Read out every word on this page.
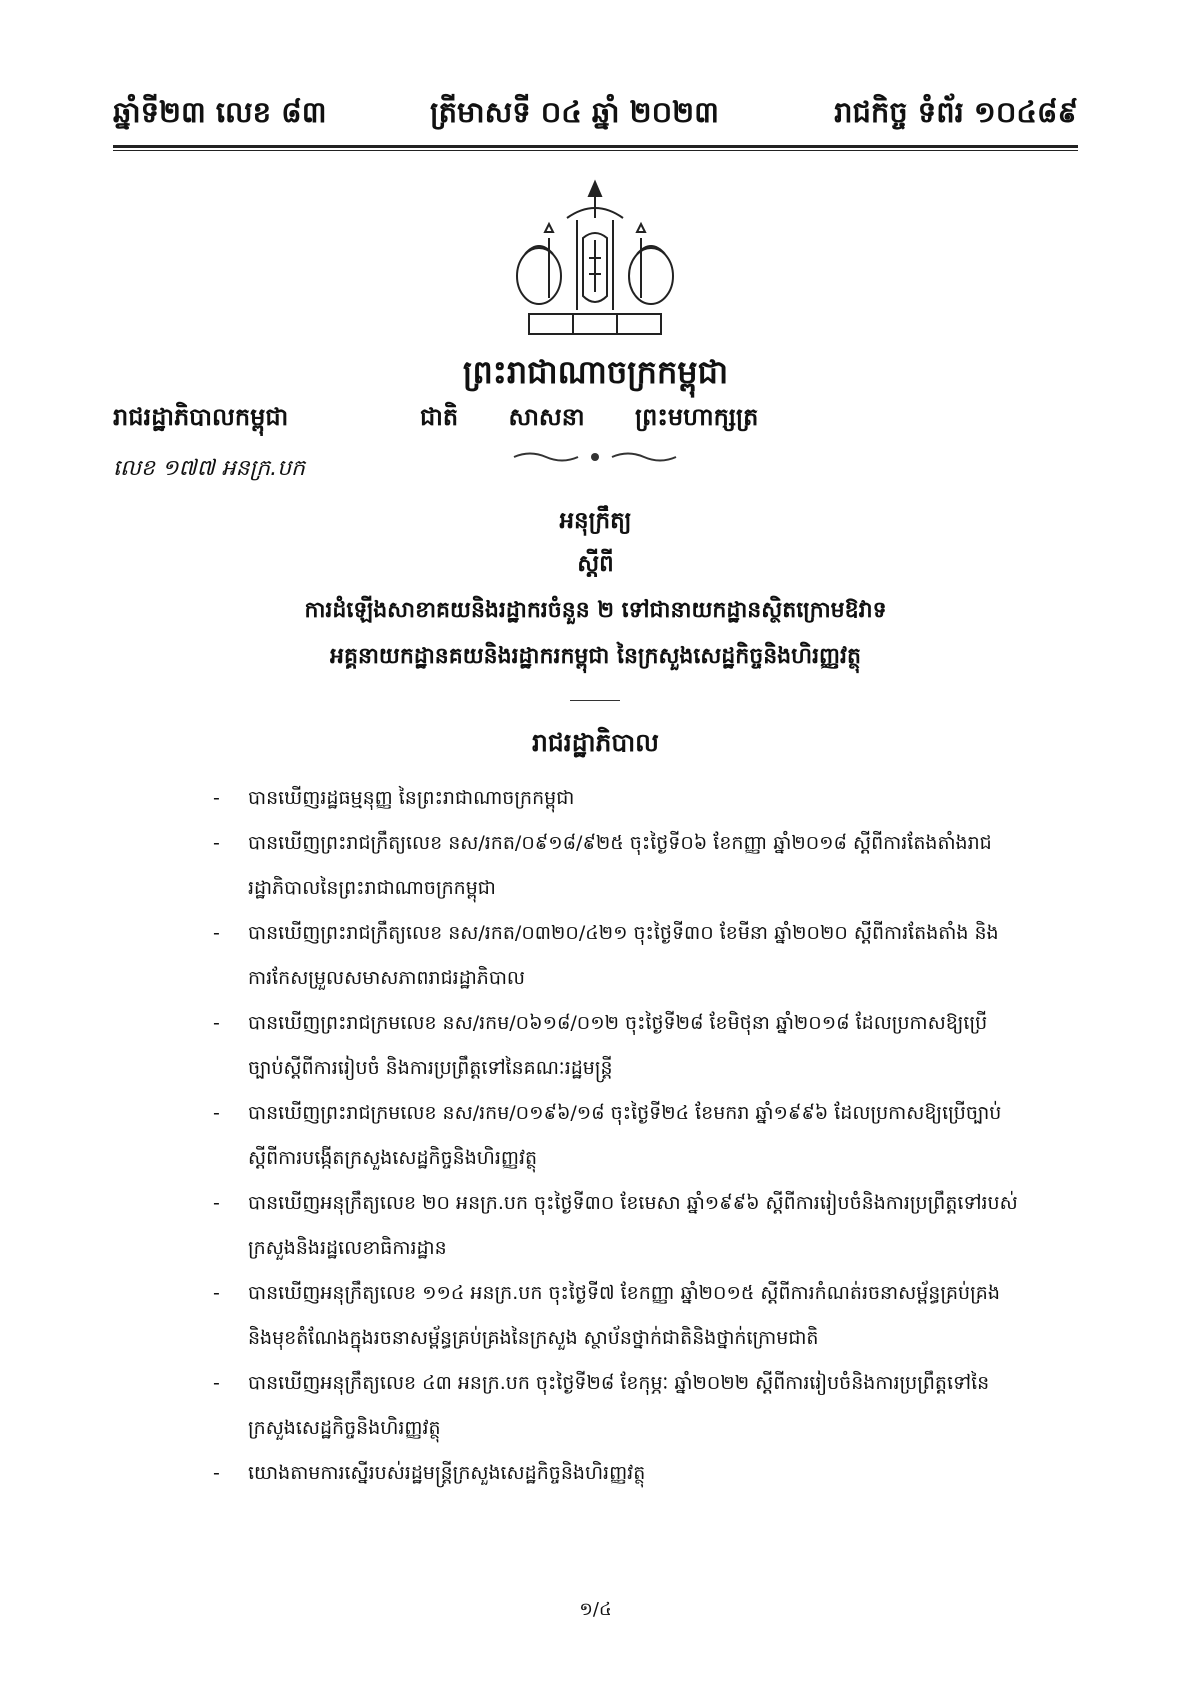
ឆ្នាំទី២៣ លេខ ៨៣	ត្រីមាសទី ០៤ ឆ្នាំ ២០២៣	រាជកិច្ច ទំព័រ ១០៤៨៩
ព្រះរាជាណាចក្រកម្ពុជា
រាជរដ្ឋាភិបាលកម្ពុជា	ជាតិ សាសនា ព្រះមហាក្សត្រ
លេខ ១៧៧ អនក្រ.បក
អនុក្រឹត្យ
ស្តីពី
ការដំឡើងសាខាគយនិងរដ្ឋាករចំនួន ២ ទៅជានាយកដ្ឋានស្ថិតក្រោមឱវាទ
អគ្គនាយកដ្ឋានគយនិងរដ្ឋាករកម្ពុជា នៃក្រសួងសេដ្ឋកិច្ចនិងហិរញ្ញវត្ថុ
រាជរដ្ឋាភិបាល
- បានឃើញរដ្ឋធម្មនុញ្ញ នៃព្រះរាជាណាចក្រកម្ពុជា
- បានឃើញព្រះរាជក្រឹត្យលេខ នស/រកត/០៩១៨/៩២៥ ចុះថ្ងៃទី០៦ ខែកញ្ញា ឆ្នាំ២០១៨ ស្តីពីការតែងតាំងរាជរដ្ឋាភិបាលនៃព្រះរាជាណាចក្រកម្ពុជា
- បានឃើញព្រះរាជក្រឹត្យលេខ នស/រកត/០៣២០/៤២១ ចុះថ្ងៃទី៣០ ខែមីនា ឆ្នាំ២០២០ ស្តីពីការតែងតាំង និងការកែសម្រួលសមាសភាពរាជរដ្ឋាភិបាល
- បានឃើញព្រះរាជក្រមលេខ នស/រកម/០៦១៨/០១២ ចុះថ្ងៃទី២៨ ខែមិថុនា ឆ្នាំ២០១៨ ដែលប្រកាសឱ្យប្រើច្បាប់ស្តីពីការរៀបចំ និងការប្រព្រឹត្តទៅនៃគណៈរដ្ឋមន្ត្រី
- បានឃើញព្រះរាជក្រមលេខ នស/រកម/០១៩៦/១៨ ចុះថ្ងៃទី២៤ ខែមករា ឆ្នាំ១៩៩៦ ដែលប្រកាសឱ្យប្រើច្បាប់ស្តីពីការបង្កើតក្រសួងសេដ្ឋកិច្ចនិងហិរញ្ញវត្ថុ
- បានឃើញអនុក្រឹត្យលេខ ២០ អនក្រ.បក ចុះថ្ងៃទី៣០ ខែមេសា ឆ្នាំ១៩៩៦ ស្តីពីការរៀបចំនិងការប្រព្រឹត្តទៅរបស់ក្រសួងនិងរដ្ឋលេខាធិការដ្ឋាន
- បានឃើញអនុក្រឹត្យលេខ ១១៤ អនក្រ.បក ចុះថ្ងៃទី៧ ខែកញ្ញា ឆ្នាំ២០១៥ ស្តីពីការកំណត់រចនាសម្ព័ន្ធគ្រប់គ្រងនិងមុខតំណែងក្នុងរចនាសម្ព័ន្ធគ្រប់គ្រងនៃក្រសួង ស្ថាប័នថ្នាក់ជាតិនិងថ្នាក់ក្រោមជាតិ
- បានឃើញអនុក្រឹត្យលេខ ៤៣ អនក្រ.បក ចុះថ្ងៃទី២៨ ខែកុម្ភៈ ឆ្នាំ២០២២ ស្តីពីការរៀបចំនិងការប្រព្រឹត្តទៅនៃក្រសួងសេដ្ឋកិច្ចនិងហិរញ្ញវត្ថុ
- យោងតាមការស្នើរបស់រដ្ឋមន្ត្រីក្រសួងសេដ្ឋកិច្ចនិងហិរញ្ញវត្ថុ
១/៤
